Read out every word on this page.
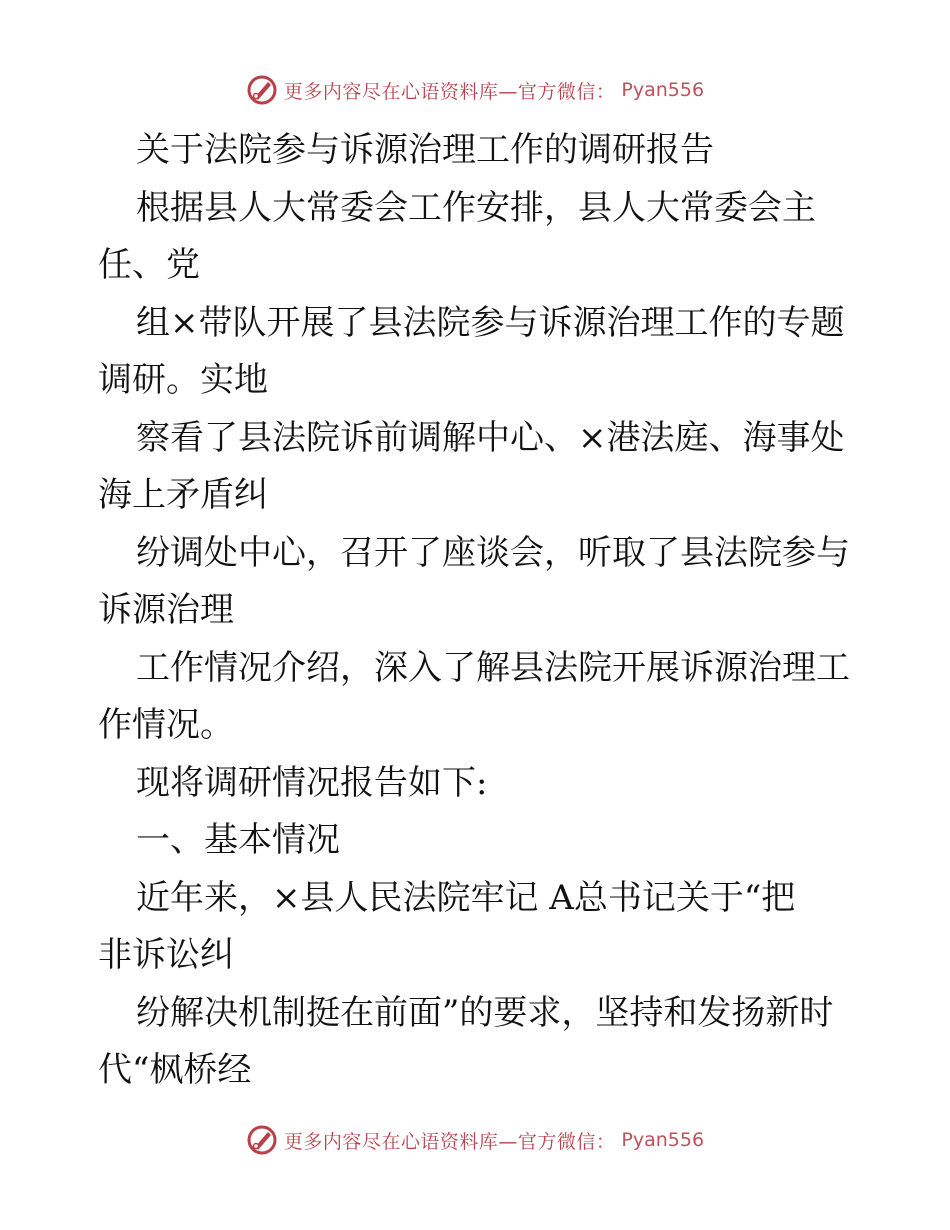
更多内容尽在心语资料库—官方微信： Pyan556

关于法院参与诉源治理工作的调研报告

根据县人大常委会工作安排，县人大常委会主

任、党

组×带队开展了县法院参与诉源治理工作的专题

调研。实地

察看了县法院诉前调解中心、×港法庭、海事处

海上矛盾纠

纷调处中心，召开了座谈会，听取了县法院参与

诉源治理

工作情况介绍，深入了解县法院开展诉源治理工

作情况。

现将调研情况报告如下:

一、基本情况

近年来，×县人民法院牢记 A总书记关于“把

非诉讼纠

纷解决机制挺在前面”的要求，坚持和发扬新时

代“枫桥经

更多内容尽在心语资料库—官方微信： Pyan556
